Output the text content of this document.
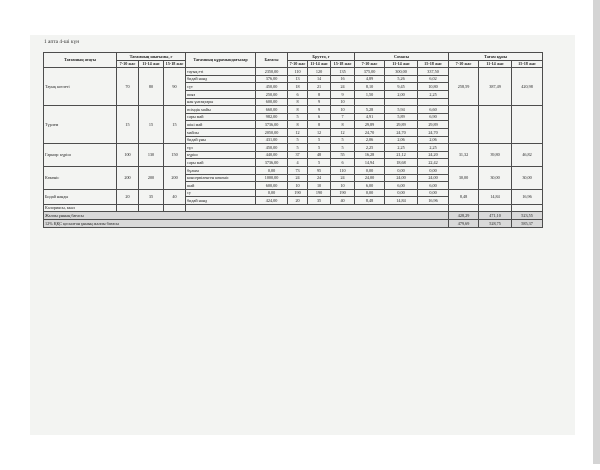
1 апта 4-ші күн
Тағамның атауы	Тағамның шығымы, г			Тағамның құрамындағылар	Бағасы	Брутто, г			Сомасы			Тағам құны		
	7-10 жас	11-14 жас	15-18 жас			7-10 жас	11-14 жас	15-18 жас	7-10 жас	11-14 жас	15-18 жас	7-10 жас	11-14 жас	15-18 жас
Тауық котлеті	70	80	90	тауық еті	2350,00	110	120	135	375,00	300,00	337,50	258,59	387,49	420,98
				бидай нанд	376,00	13	14	16	4,89	5,26	6,02			
				сүт	450,00	18	21	24	8,10	9,45	10,80			
				пияз	250,00	6	8	9	1,50	2,00	2,25			
				нан ұнтақтары	600,00	8	9	10						
Түрлем	15	15	15	өсімдік майы	660,00	8	9	10	5,28	5,94	6,60			
				сары май	982,00	5	6	7	4,91	5,89	6,90			
				шікі май	3736,00	8	8	8	29,89	29,89	29,89			
				майлы	2050,00	12	12	12	24,70	24,70	24,70			
				бидай ұны	431,00	5	5	5	2,06	2,06	2,06			
Гарнир: күріш	100	130	150	тұз	450,00	5	5	5	2,25	2,25	2,25	31,32	39,80	46,82
				күріш	440,00	37	48	55	16,28	21,12	24,20			
				сары май	3736,00	4	5	6	14,94	18,68	22,42			
Көкөніс	200	200	200	бұлым	0,00	73	95	110	0,00	0,00	0,00	30,00	30,00	30,00
				консервіленген көкөніс	1000,00	24	24	24	24,00	24,00	24,00			
				шай	600,00	10	10	10	6,00	6,00	6,00			
Бидай нанды	20	35	40	су	0,00	190	190	190	0,00	0,00	0,00	8,48	14,84	16,96
				бидай нанд	424,00	20	35	40	8,48	14,84	16,96			
Калориясы, ккал														
Жалпы ұнның бағасы												428,29	471,10	523,55
12% ҚҚС қосылған ұнның жалпы бағасы												479,69	528,75	585,37
